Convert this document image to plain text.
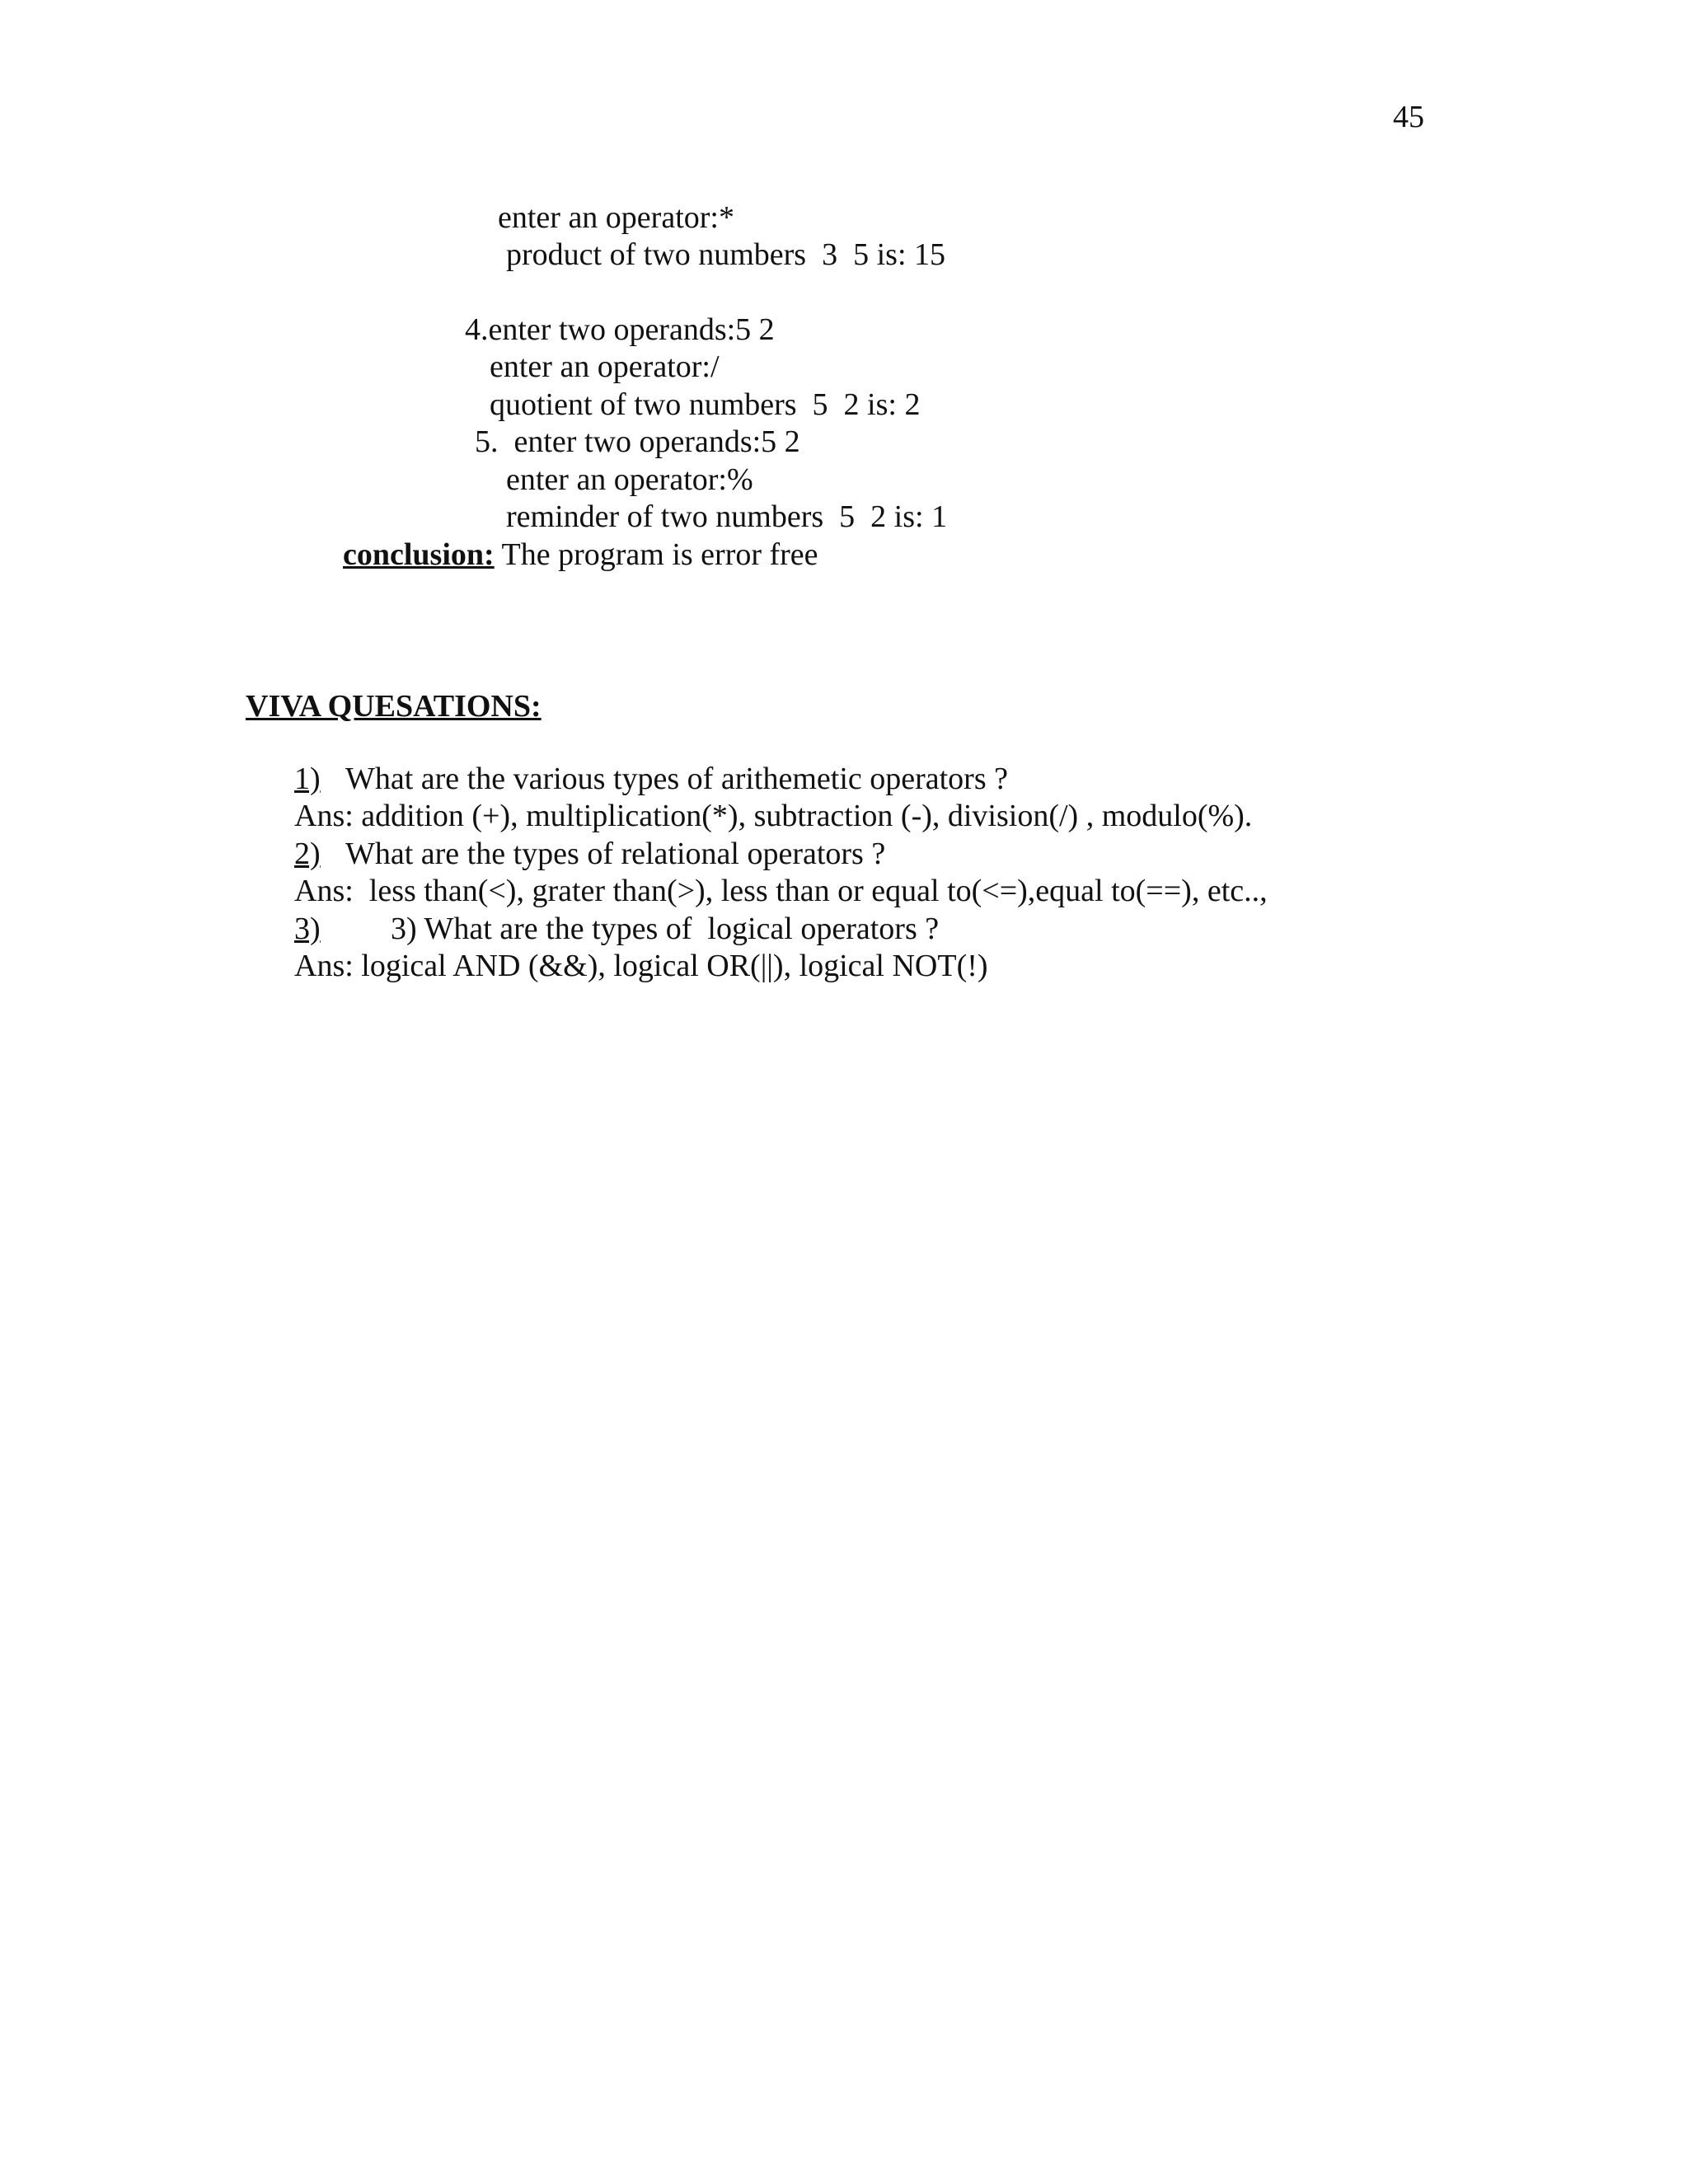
45
enter an operator:*
product of two numbers  3  5 is: 15
4.enter two operands:5 2
enter an operator:/
quotient of two numbers  5  2 is: 2
5.  enter two operands:5 2
enter an operator:%
reminder of two numbers  5  2 is: 1
conclusion: The program is error free
VIVA QUESATIONS:
1) What are the various types of arithemetic operators ?
Ans: addition (+), multiplication(*), subtraction (-), division(/) , modulo(%).
2) What are the types of relational operators ?
Ans:  less than(<), grater than(>), less than or equal to(<=),equal to(==), etc..,
3)      3) What are the types of  logical operators ?
Ans: logical AND (&&), logical OR(||), logical NOT(!)
